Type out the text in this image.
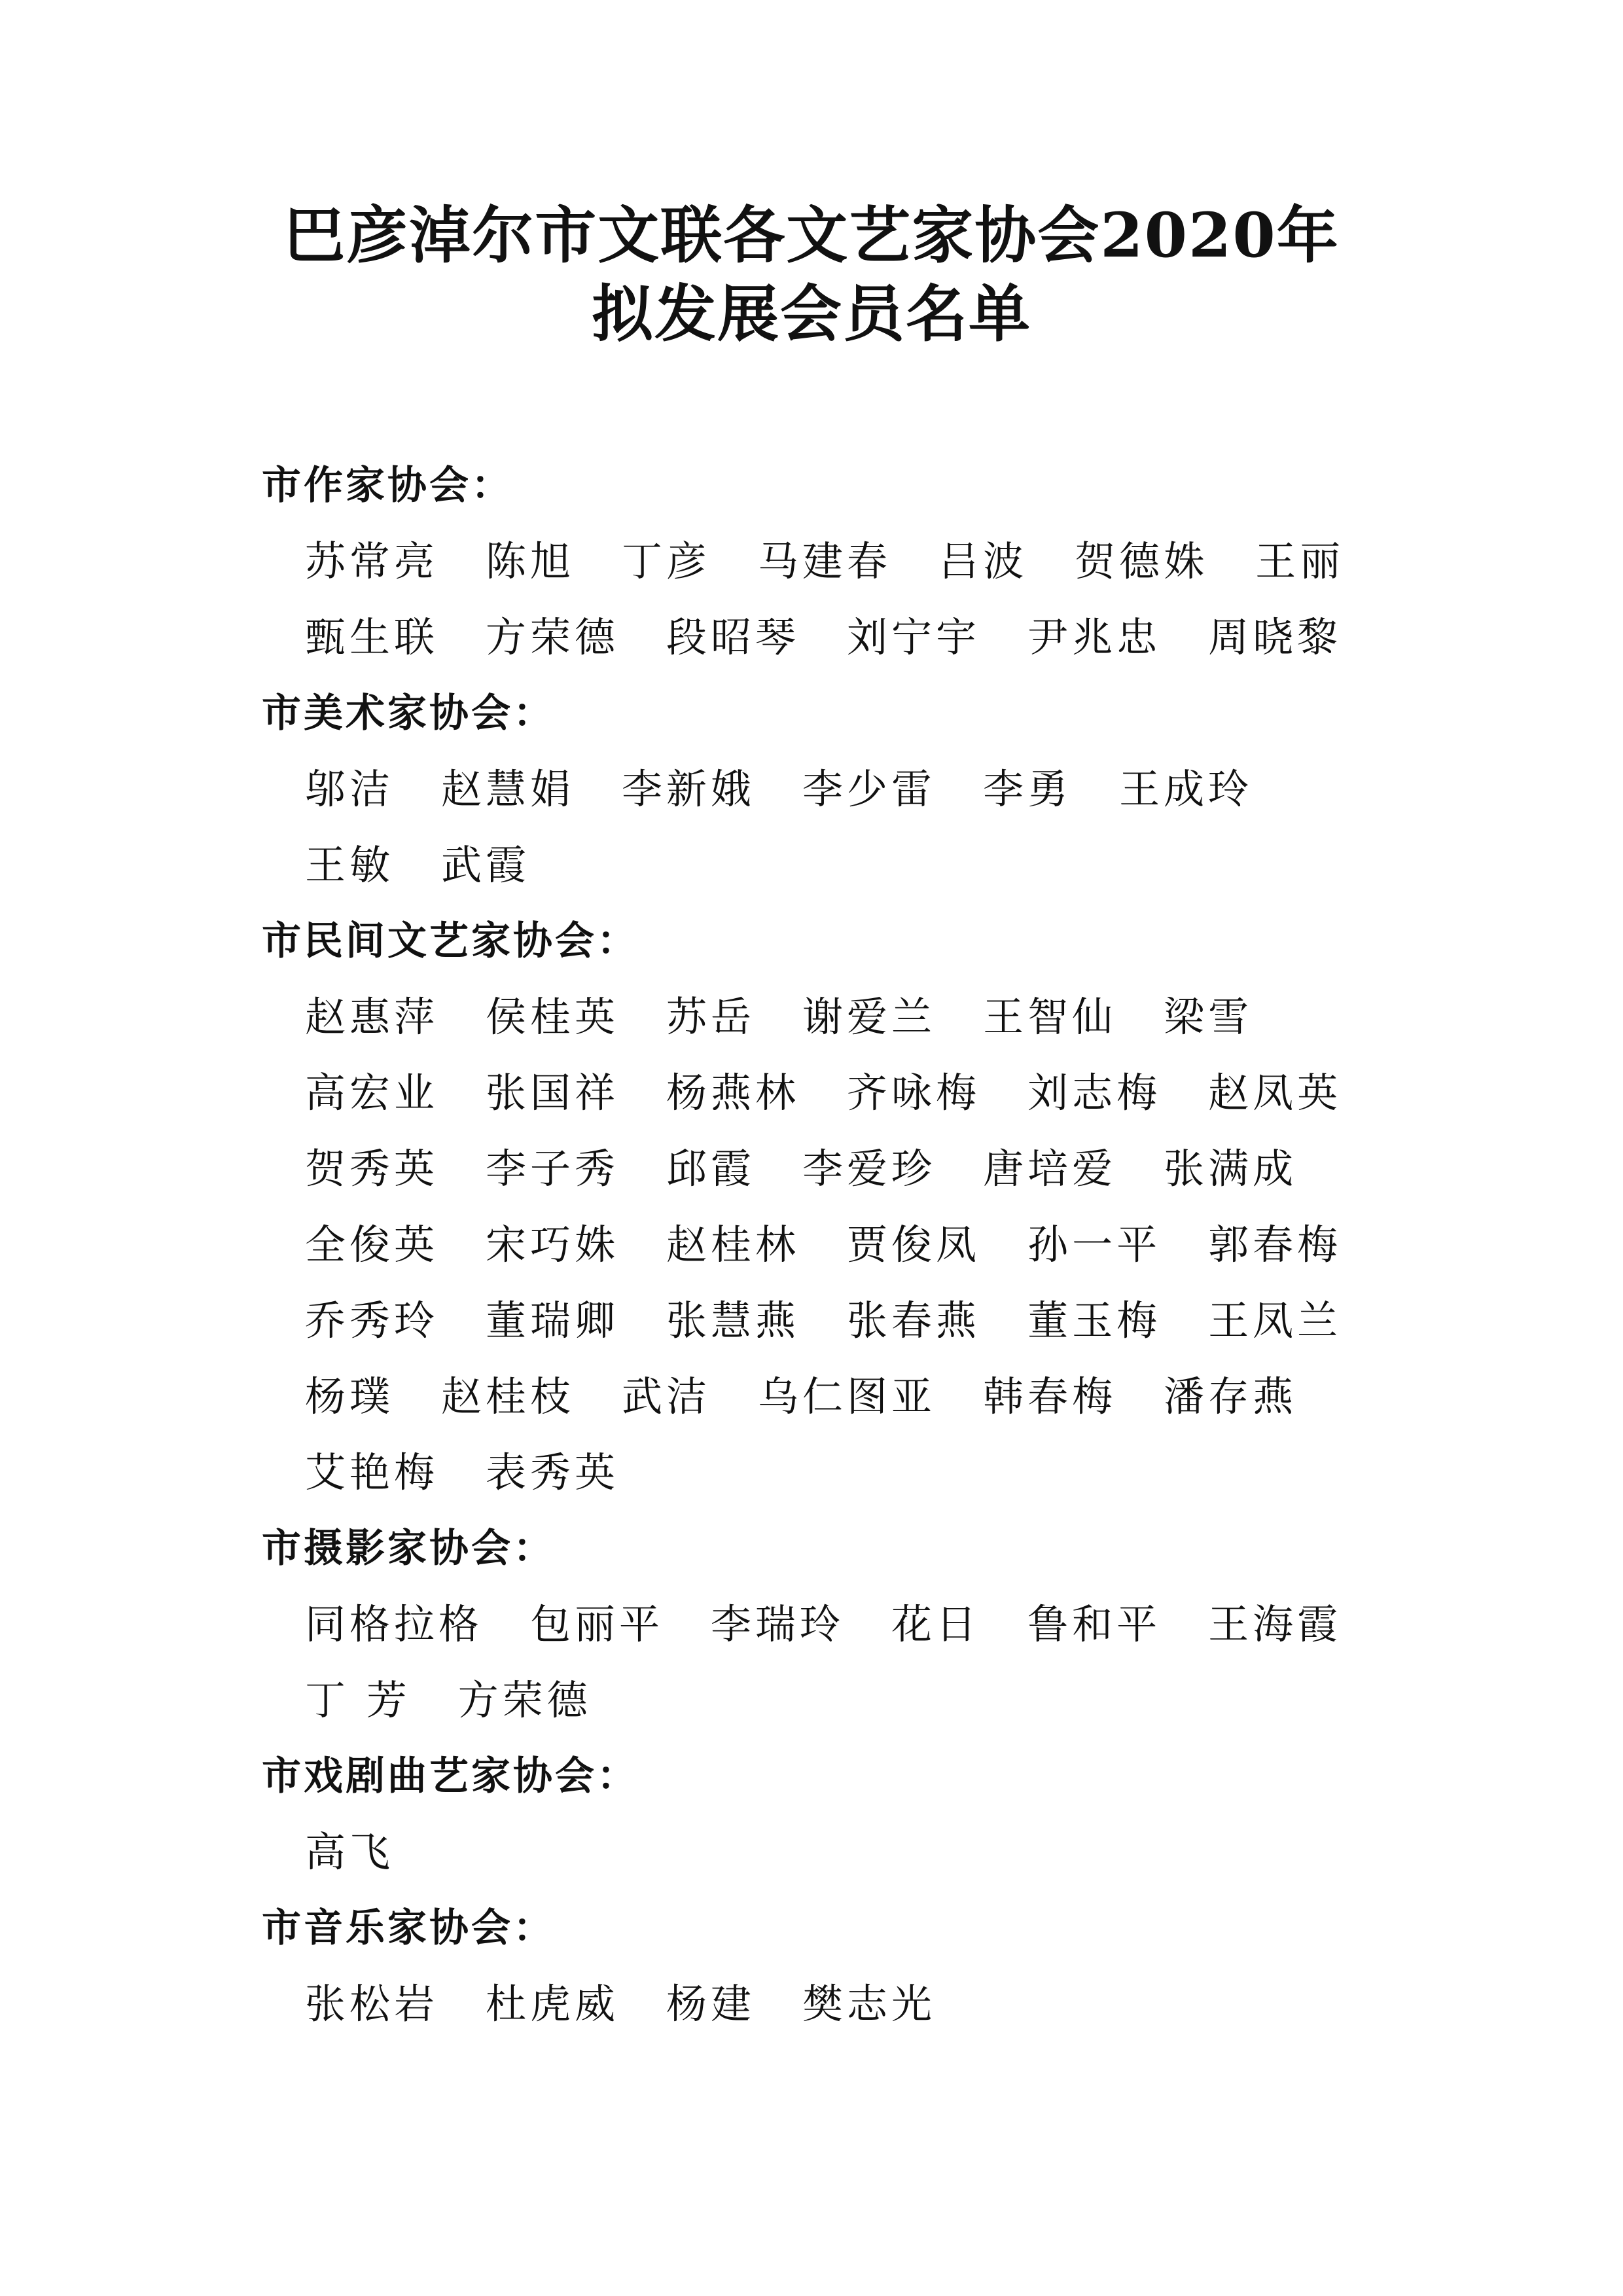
巴彦淖尔市文联各文艺家协会2020年
拟发展会员名单
市作家协会：
苏常亮 陈旭 丁彦 马建春 吕波 贺德姝 王丽
甄生联 方荣德 段昭琴 刘宁宇 尹兆忠 周晓黎
市美术家协会：
邬洁 赵慧娟 李新娥 李少雷 李勇 王成玲
王敏 武霞
市民间文艺家协会：
赵惠萍 侯桂英 苏岳 谢爱兰 王智仙 梁雪
高宏业 张国祥 杨燕林 齐咏梅 刘志梅 赵凤英
贺秀英 李子秀 邱霞 李爱珍 唐培爱 张满成
全俊英 宋巧姝 赵桂林 贾俊凤 孙一平 郭春梅
乔秀玲 董瑞卿 张慧燕 张春燕 董玉梅 王凤兰
杨璞 赵桂枝 武洁 乌仁图亚 韩春梅 潘存燕
艾艳梅 表秀英
市摄影家协会：
同格拉格 包丽平 李瑞玲 花日 鲁和平 王海霞
丁 芳 方荣德
市戏剧曲艺家协会：
高飞
市音乐家协会：
张松岩 杜虎威 杨建 樊志光
